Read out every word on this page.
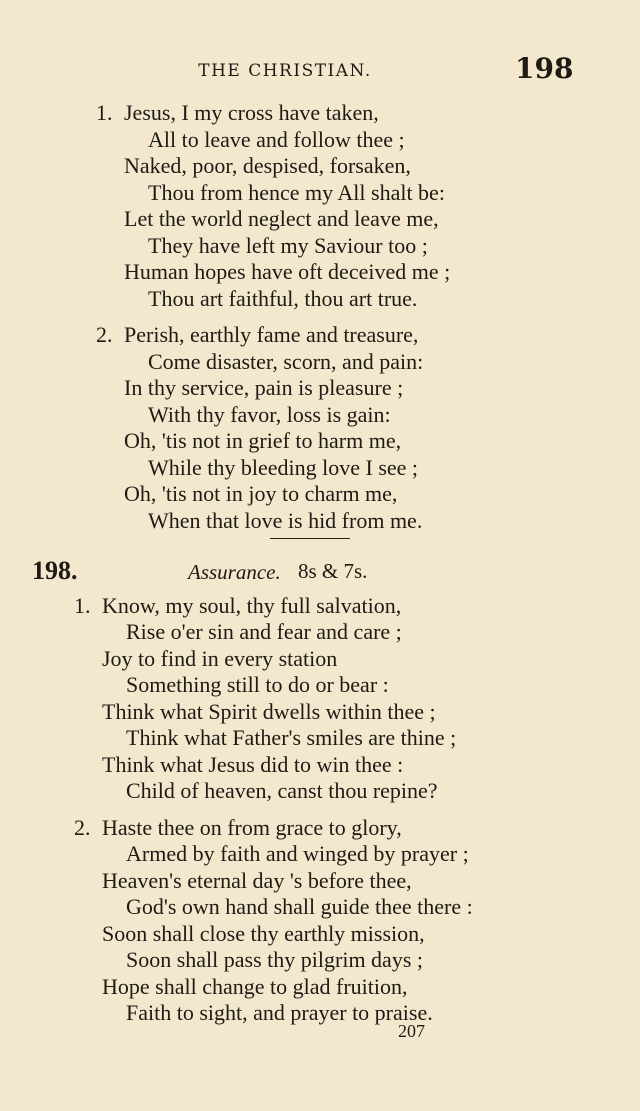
THE CHRISTIAN.	198
1. Jesus, I my cross have taken,
All to leave and follow thee ;
Naked, poor, despised, forsaken,
Thou from hence my All shalt be:
Let the world neglect and leave me,
They have left my Saviour too ;
Human hopes have oft deceived me ;
Thou art faithful, thou art true.
2. Perish, earthly fame and treasure,
Come disaster, scorn, and pain:
In thy service, pain is pleasure ;
With thy favor, loss is gain:
Oh, 'tis not in grief to harm me,
While thy bleeding love I see ;
Oh, 'tis not in joy to charm me,
When that love is hid from me.
198.	Assurance. 8s & 7s.
1. Know, my soul, thy full salvation,
Rise o'er sin and fear and care ;
Joy to find in every station
Something still to do or bear :
Think what Spirit dwells within thee ;
Think what Father's smiles are thine ;
Think what Jesus did to win thee :
Child of heaven, canst thou repine?
2. Haste thee on from grace to glory,
Armed by faith and winged by prayer ;
Heaven's eternal day 's before thee,
God's own hand shall guide thee there :
Soon shall close thy earthly mission,
Soon shall pass thy pilgrim days ;
Hope shall change to glad fruition,
Faith to sight, and prayer to praise.
207
